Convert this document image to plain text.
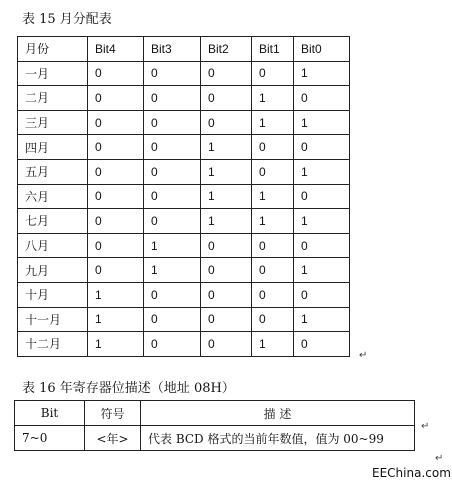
表 15 月分配表
月份	Bit4	Bit3	Bit2	Bit1	Bit0
一月	0	0	0	0	1
二月	0	0	0	1	0
三月	0	0	0	1	1
四月	0	0	1	0	0
五月	0	0	1	0	1
六月	0	0	1	1	0
七月	0	0	1	1	1
八月	0	1	0	0	0
九月	0	1	0	0	1
十月	1	0	0	0	0
十一月	1	0	0	0	1
十二月	1	0	0	1	0
↵
表 16 年寄存器位描述（地址 08H）
Bit	符号	描 述
7~0	<年>	代表 BCD 格式的当前年数值，值为 00~99
↵
↵
EEChina.com
